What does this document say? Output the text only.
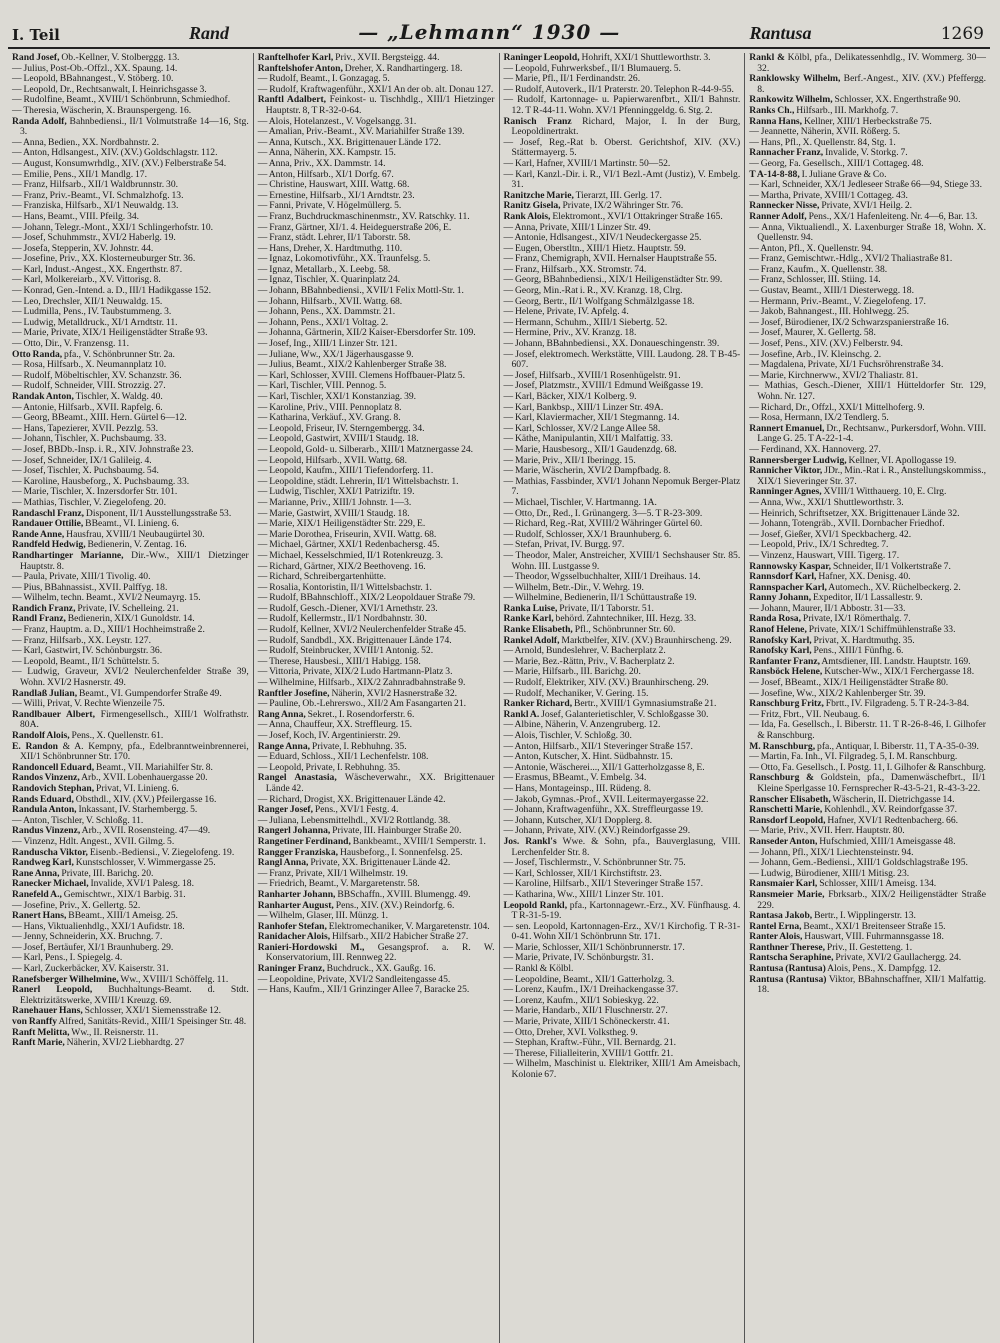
I. Teil	Rand	— „Lehmann“ 1930 —	Rantusa	1269

Rand Josef, Ob.-Kellner, V. Stolberggg. 13.

— Julius, Post-Ob.-Offzl., XX. Spaung. 14.

— Leopold, BBahnangest., V. Stöberg. 10.

— Leopold, Dr., Rechtsanwalt, I. Heinrichsgasse 3.

— Rudolfine, Beamt., XVIII/1 Schönbrunn, Schmiedhof.

— Theresia, Wäscherin, X. Braunspergeng. 16.

Randa Adolf, Bahnbediensi., II/1 Volmutstraße 14—16, Stg. 3.

— Anna, Bedien., XX. Nordbahnstr. 2.

— Anton, Hdlsangest., XIV. (XV.) Goldschlagstr. 112.

— August, Konsumwrhdlg., XIV. (XV.) Felberstraße 54.

— Emilie, Pens., XII/1 Mandlg. 17.

— Franz, Hilfsarb., XII/1 Waldbrunnstr. 30.

— Franz, Priv.-Beamt., VI. Schmalzhofg. 13.

— Franziska, Hilfsarb., XI/1 Neuwaldg. 13.

— Hans, Beamt., VIII. Pfeilg. 34.

— Johann, Telegr.-Mont., XXI/1 Schlingerhofstr. 10.

— Josef, Schuhmmstr., XVI/2 Haberlg. 19.

— Josefa, Stepperin, XV. Johnstr. 44.

— Josefine, Priv., XX. Klosterneuburger Str. 36.

— Karl, Indust.-Angest., XX. Engerthstr. 87.

— Karl, Molkereiarb., XV. Vittorisg. 8.

— Konrad, Gen.-Intend. a. D., III/1 Hadikgasse 152.

— Leo, Drechsler, XII/1 Neuwaldg. 15.

— Ludmilla, Pens., IV. Taubstummeng. 3.

— Ludwig, Metalldruck., XI/1 Arndtstr. 11.

— Marie, Private, XIX/1 Heiligenstädter Straße 93.

— Otto, Dir., V. Franzensg. 11.

Otto Randa, pfa., V. Schönbrunner Str. 2a.

— Rosa, Hilfsarb., X. Neumannplatz 10.

— Rudolf, Möbeltischler, XV. Schanzstr. 36.

— Rudolf, Schneider, VIII. Strozzig. 27.

Randak Anton, Tischler, X. Waldg. 40.

— Antonie, Hilfsarb., XVII. Rapfelg. 6.

— Georg, BBeamt., XIII. Hern. Gürtel 6—12.

— Hans, Tapezierer, XVII. Pezzlg. 53.

— Johann, Tischler, X. Puchsbaumg. 33.

— Josef, BBDb.-Insp. i. R., XIV. Johnstraße 23.

— Josef, Schneider, IX/1 Galileig. 4.

— Josef, Tischler, X. Puchsbaumg. 54.

— Karoline, Hausbeforg., X. Puchsbaumg. 33.

— Marie, Tischler, X. Inzersdorfer Str. 101.

— Mathias, Tischler, V. Ziegelofeng. 20.

Randaschl Franz, Disponent, II/1 Ausstellungsstraße 53.

Randauer Ottilie, BBeamt., VI. Linieng. 6.

Rande Anne, Hausfrau, XVIII/1 Neubaugürtel 30.

Randfeld Hedwig, Bedienerin, V. Zentag. 16.

Randhartinger Marianne, Dir.-Ww., XIII/1 Dietzinger Hauptstr. 8.

— Paula, Private, XIII/1 Tivolig. 40.

— Pius, BBahnassist., XVII. Palffyg. 18.

— Wilhelm, techn. Beamt., XVI/2 Neumayrg. 15.

Randich Franz, Private, IV. Schelleing. 21.

Randl Franz, Bedienerin, XIX/1 Gunoldstr. 14.

— Franz, Hauptm. a. D., XIII/1 Hochheimstraße 2.

— Franz, Hilfsarb., XX. Leystr. 127.

— Karl, Gastwirt, IV. Schönburgstr. 36.

— Leopold, Beamt., II/1 Schüttelstr. 5.

— Ludwig, Graveur, XVI/2 Neulerchenfelder Straße 39, Wohn. XVI/2 Hasnerstr. 49.

Randlaß Julian, Beamt., VI. Gumpendorfer Straße 49.

— Willi, Privat, V. Rechte Wienzeile 75.

Randlbauer Albert, Firmengesellsch., XIII/1 Wolfrathstr. 80A.

Randolf Alois, Pens., X. Quellenstr. 61.

E. Randon & A. Kempny, pfa., Edelbranntweinbrennerei, XII/1 Schönbrunner Str. 170.

Randoncell Eduard, Beamt., VII. Mariahilfer Str. 8.

Randos Vinzenz, Arb., XVII. Lobenhauergasse 20.

Randovich Stephan, Privat, VI. Linieng. 6.

Rands Eduard, Obsthdl., XIV. (XV.) Pfeilergasse 16.

Randula Anton, Inkassant, IV. Starhembergg. 5.

— Anton, Tischler, V. Schloßg. 11.

Randus Vinzenz, Arb., XVII. Rosensteing. 47—49.

— Vinzenz, Hdlt. Angest., XVII. Gilmg. 5.

Randuscha Viktor, Eisenb.-Bediensi., V. Ziegelofeng. 19.

Randweg Karl, Kunstschlosser, V. Wimmergasse 25.

Rane Anna, Private, III. Barichg. 20.

Ranecker Michael, Invalide, XVI/1 Palesg. 18.

Ranefeld A., Gemischtwr., XIX/1 Barbig. 31.

— Josefine, Priv., X. Gellertg. 52.

Ranert Hans, BBeamt., XIII/1 Ameisg. 25.

— Hans, Viktualienhdlg., XXI/1 Aufidstr. 18.

— Jenny, Schneiderin, XX. Bruchng. 7.

— Josef, Bertäufer, XI/1 Braunhuberg. 29.

— Karl, Pens., I. Spiegelg. 4.

— Karl, Zuckerbäcker, XV. Kaiserstr. 31.

Ranefsberger Wilhelmine, Ww., XVIII/1 Schöffelg. 11.

Ranerl Leopold, Buchhaltungs-Beamt. d. Stdt. Elektrizitätswerke, XVIII/1 Kreuzg. 69.

Ranehauer Hans, Schlosser, XXI/1 Siemensstraße 12.

von Ranffy Alfred, Sanitäts-Revid., XIII/1 Speisinger Str. 48.

Ranft Melitta, Ww., II. Reisnerstr. 11.

Ranft Marie, Näherin, XVI/2 Liebhardtg. 27

Ranftelhofer Karl, Priv., XVII. Bergsteigg. 44.

Ranftelshofer Anton, Dreher, X. Randhartingerg. 18.

— Rudolf, Beamt., I. Gonzagag. 5.

— Rudolf, Kraftwagenführ., XXI/1 An der ob. alt. Donau 127.

Ranftl Adalbert, Feinkost- u. Tischhdlg., XIII/1 Hietzinger Hauptstr. 8, T R-32-0-64.

— Alois, Hotelanzest., V. Vogelsangg. 31.

— Amalian, Priv.-Beamt., XV. Mariahilfer Straße 139.

— Anna, Kutsch., XX. Brigittenauer Lände 172.

— Anna, Näherin, XX. Kampstr. 15.

— Anna, Priv., XX. Dammstr. 14.

— Anton, Hilfsarb., XI/1 Dorfg. 67.

— Christine, Hauswart, XIII. Wattg. 68.

— Ernestine, Hilfsarb., XI/1 Arndtstr. 23.

— Fanni, Private, V. Högelmüllerg. 5.

— Franz, Buchdruckmaschinenmstr., XV. Ratschky. 11.

— Franz, Gärtner, XI/1. 4. Heideguerstraße 206, E.

— Franz, städt. Lehrer, II/1 Taborstr. 58.

— Hans, Dreher, X. Hardtmuthg. 110.

— Ignaz, Lokomotivführ., XX. Traunfelsg. 5.

— Ignaz, Metallarb., X. Leebg. 58.

— Ignaz, Tischler, X. Quarinplatz 24.

— Johann, BBahnbediensi., XVII/1 Felix Mottl-Str. 1.

— Johann, Hilfsarb., XVII. Wattg. 68.

— Johann, Pens., XX. Dammstr. 21.

— Johann, Pens., XXI/1 Voltag. 2.

— Johanna, Gärtnerin, XII/2 Kaiser-Ebersdorfer Str. 109.

— Josef, Ing., XIII/1 Linzer Str. 121.

— Juliane, Ww., XX/1 Jägerhausgasse 9.

— Julius, Beamt., XIX/2 Kahlenberger Straße 38.

— Karl, Schlosser, XVIII. Clemens Hoffbauer-Platz 5.

— Karl, Tischler, VIII. Pennog. 5.

— Karl, Tischler, XXI/1 Konstanziag. 39.

— Karoline, Priv., VIII. Pennoplatz 8.

— Katharina, Verkäuf., XV. Grang. 8.

— Leopold, Friseur, IV. Sterngembergg. 34.

— Leopold, Gastwirt, XVIII/1 Staudg. 18.

— Leopold, Gold- u. Silberarb., XIII/1 Matznergasse 24.

— Leopold, Hilfsarb., XVII. Wattg. 68.

— Leopold, Kaufm., XIII/1 Tiefendorferg. 11.

— Leopoldine, städt. Lehrerin, II/1 Wittelsbachstr. 1.

— Ludwig, Tischler, XXI/1 Patriziftr. 19.

— Marianne, Priv., XIII/1 Johnstr. 1—3.

— Marie, Gastwirt, XVIII/1 Staudg. 18.

— Marie, XIX/1 Heiligenstädter Str. 229, E.

— Marie Dorothea, Friseurin, XVII. Wattg. 68.

— Michael, Gärtner, XXI/1 Redenbachersg. 45.

— Michael, Kesselschmied, II/1 Rotenkreuzg. 3.

— Richard, Gärtner, XIX/2 Beethoveng. 16.

— Richard, Schreibergartenhütte.

— Rosalia, Kontoristin, II/1 Wittelsbachstr. 1.

— Rudolf, BBahnschloff., XIX/2 Leopoldauer Straße 79.

— Rudolf, Gesch.-Diener, XVI/1 Arnethstr. 23.

— Rudolf, Kellermstr., II/1 Nordbahnstr. 30.

— Rudolf, Kellner, XVI/2 Neulerchenfelder Straße 45.

— Rudolf, Sandbdl., XX. Brigittenauer Lände 174.

— Rudolf, Steinbrucker, XVIII/1 Antonig. 52.

— Therese, Hausbesi., XIII/1 Habigg. 158.

— Vittoria, Private, XIX/2 Ludo Hartmann-Platz 3.

— Wilhelmine, Hilfsarb., XIX/2 Zahnradbahnstraße 9.

Ranftler Josefine, Näherin, XVI/2 Hasnerstraße 32.

— Pauline, Ob.-Lehrerswo., XII/2 Am Fasangarten 21.

Rang Anna, Sekret., I. Rosendorferstr. 6.

— Anna, Chauffeur, XX. Streffleurg. 15.

— Josef, Koch, IV. Argentinierstr. 29.

Range Anna, Private, I. Rebhuhng. 35.

— Eduard, Schloss., XII/1 Lechenfelstr. 108.

— Leopold, Private, I. Rebhuhng. 35.

Rangel Anastasia, Wäscheverwahr., XX. Brigittenauer Lände 42.

— Richard, Drogist, XX. Brigittenauer Lände 42.

Ranger Josef, Pens., XVI/1 Festg. 4.

— Juliana, Lebensmittelhdl., XVI/2 Rottlandg. 38.

Rangerl Johanna, Private, III. Hainburger Straße 20.

Rangetiner Ferdinand, Bankbeamt., XVIII/1 Semperstr. 1.

Rangger Franziska, Hausbeforg., I. Sonnenfelsg. 25.

Rangl Anna, Private, XX. Brigittenauer Lände 42.

— Franz, Private, XII/1 Wilhelmstr. 19.

— Friedrich, Beamt., V. Margaretenstr. 58.

Ranharter Johann, BBSchaffn., XVIII. Blumengg. 49.

Ranharter August, Pens., XIV. (XV.) Reindorfg. 6.

— Wilhelm, Glaser, III. Münzg. 1.

Ranhofer Stefan, Elektromechaniker, V. Margaretenstr. 104.

Ranidacher Alois, Hilfsarb., XII/2 Habicher Straße 27.

Ranieri-Hordowski M., Gesangsprof. a. R. W. Konservatorium, III. Rennweg 22.

Raninger Franz, Buchdruck., XX. Gaußg. 16.

— Leopoldine, Private, XVI/2 Sandleitengasse 45.

— Hans, Kaufm., XII/1 Grinzinger Allee 7, Baracke 25.

Raninger Leopold, Hohrift, XXI/1 Shuttleworthstr. 3.

— Leopold, Fuhrwerksbef., II/1 Blumauerg. 5.

— Marie, Pfl., II/1 Ferdinandstr. 26.

— Rudolf, Autoverk., II/1 Praterstr. 20. Telephon R-44-9-55.

— Rudolf, Kartonnage- u. Papierwarenfbrt., XII/1 Bahnstr. 12. T R-44-11. Wohn. XV/1 Pfenninggeldg. 6. Stg. 2.

Ranisch Franz Richard, Major, I. In der Burg, Leopoldinertrakt.

— Josef, Reg.-Rat b. Oberst. Gerichtshof, XIV. (XV.) Stättermayerg. 5.

— Karl, Hafner, XVIII/1 Martinstr. 50—52.

— Karl, Kanzl.-Dir. i. R., VI/1 Bezl.-Amt (Justiz), V. Embelg. 31.

Ranitzche Marie, Tierarzt, III. Gerlg. 17.

Ranitz Gisela, Private, IX/2 Währinger Str. 76.

Rank Alois, Elektromont., XVI/1 Ottakringer Straße 165.

— Anna, Private, XIII/1 Linzer Str. 49.

— Antonie, Hdlsangest., XIV/1 Neudeckergasse 25.

— Eugen, Oberstltn., XIII/1 Hietz. Hauptstr. 59.

— Franz, Chemigraph, XVII. Hernalser Hauptstraße 55.

— Franz, Hilfsarb., XX. Stromstr. 74.

— Georg, BBahnbediensi., XIX/1 Heiligenstädter Str. 99.

— Georg, Min.-Rat i. R., XV. Kranzg. 18, Clrg.

— Georg, Bertr., II/1 Wolfgang Schmälzlgasse 18.

— Helene, Private, IV. Apfelg. 4.

— Hermann, Schuhm., XIII/1 Siebertg. 52.

— Hermine, Priv., XV. Kranzg. 18.

— Johann, BBahnbediensi., XX. Donaueschingenstr. 39.

— Josef, elektromech. Werkstätte, VIII. Laudong. 28. T B-45-607.

— Josef, Hilfsarb., XVIII/1 Rosenhügelstr. 91.

— Josef, Platzmstr., XVIII/1 Edmund Weißgasse 19.

— Karl, Bäcker, XIX/1 Kolberg. 9.

— Karl, Bankbsp., XIII/1 Linzer Str. 49A.

— Karl, Klaviermacher, XII/1 Stegmanng. 14.

— Karl, Schlosser, XV/2 Lange Allee 58.

— Käthe, Manipulantin, XII/1 Malfattig. 33.

— Marie, Hausbesorg., XII/1 Gaudenzdg. 68.

— Marie, Priv., XII/1 Iberingg. 15.

— Marie, Wäscherin, XVI/2 Dampfbadg. 8.

— Mathias, Fassbinder, XVI/1 Johann Nepomuk Berger-Platz 7.

— Michael, Tischler, V. Hartmanng. 1A.

— Otto, Dr., Red., I. Grünangerg. 3—5. T R-23-309.

— Richard, Reg.-Rat, XVIII/2 Währinger Gürtel 60.

— Rudolf, Schlosser, XX/1 Braunhuberg. 6.

— Stefan, Privat, IV. Burgg. 97.

— Theodor, Maler, Anstreicher, XVIII/1 Sechshauser Str. 85. Wohn. III. Lustgasse 9.

— Theodor, Wgsselbuchhalter, XIII/1 Dreihaus. 14.

— Wilhelm, Betr.-Dir., V. Wehrg. 19.

— Wilhelmine, Bedienerin, II/1 Schüttaustraße 19.

Ranka Luise, Private, II/1 Taborstr. 51.

Ranke Karl, behörd. Zahntechniker, III. Hezg. 33.

Ranke Elisabeth, Pfl., Schönbrunner Str. 60.

Rankel Adolf, Marktbelfer, XIV. (XV.) Braunhirscheng. 29.

— Arnold, Bundeslehrer, V. Bacherplatz 2.

— Marie, Bez.-Rättn, Priv., V. Bacherplatz 2.

— Marie, Hilfsarb., III. Barichg. 20.

— Rudolf, Elektriker, XIV. (XV.) Braunhirscheng. 29.

— Rudolf, Mechaniker, V. Gering. 15.

Ranker Richard, Bertr., XVIII/1 Gymnasiumstraße 21.

Rankl A. Josef, Galanterietischler, V. Schloßgasse 30.

— Albine, Näherin, V. Anzengruberg. 12.

— Alois, Tischler, V. Schloßg. 30.

— Anton, Hilfsarb., XII/1 Steveringer Straße 157.

— Anton, Kutscher, X. Hint. Südbahnstr. 15.

— Antonie, Wäscherei..., XII/1 Gatterholzgasse 8, E.

— Erasmus, BBeamt., V. Embelg. 34.

— Hans, Montageinsp., III. Rüdeng. 8.

— Jakob, Gymnas.-Prof., XVII. Leitermayergasse 22.

— Johann, Kraftwagenführ., XX. Streffleurgasse 19.

— Johann, Kutscher, XI/1 Dopplerg. 8.

— Johann, Private, XIV. (XV.) Reindorfgasse 29.

Jos. Rankl's Wwe. & Sohn, pfa., Bauverglasung, VIII. Lerchenfelder Str. 8.

— Josef, Tischlermstr., V. Schönbrunner Str. 75.

— Karl, Schlosser, XII/1 Kirchstiftstr. 23.

— Karoline, Hilfsarb., XII/1 Steveringer Straße 157.

— Katharina, Ww., XIII/1 Linzer Str. 101.

Leopold Rankl, pfa., Kartonnagewr.-Erz., XV. Fünfhausg. 4. T R-31-5-19.

— sen. Leopold, Kartonnagen-Erz., XV/1 Kirchofig. T R-31-0-41. Wohn XII/1 Schönbrunn Str. 171.

— Marie, Schlosser, XII/1 Schönbrunnerstr. 17.

— Marie, Private, IV. Schönburgstr. 31.

— Rankl & Kölbl.

— Leopoldine, Beamt., XII/1 Gatterholzg. 3.

— Lorenz, Kaufm., IX/1 Dreihackengasse 37.

— Lorenz, Kaufm., XII/1 Sobieskyg. 22.

— Marie, Handarb., XII/1 Fluschnerstr. 27.

— Marie, Private, XIII/1 Schöneckerstr. 41.

— Otto, Dreher, XVI. Volkstheg. 9.

— Stephan, Kraftw.-Führ., VII. Bernardg. 21.

— Therese, Filialleiterin, XVIII/1 Gottfr. 21.

— Wilhelm, Maschinist u. Elektriker, XIII/1 Am Ameisbach, Kolonie 67.

Rankl & Kölbl, pfa., Delikatessenhdlg., IV. Wommerg. 30—32.

Ranklowsky Wilhelm, Berf.-Angest., XIV. (XV.) Pfeffergg. 8.

Rankowitz Wilhelm, Schlosser, XX. Engerthstraße 90.

Ranks Ch., Hilfsarb., III. Markhofg. 7.

Ranna Hans, Kellner, XIII/1 Herbeckstraße 75.

— Jeannette, Näherin, XVII. Rößerg. 5.

— Hans, Pfl., X. Quellenstr. 84, Stg. 1.

Rannacher Franz, Invalide, V. Storkg. 7.

— Georg, Fa. Gesellsch., XIII/1 Cottageg. 48.

T A-14-8-88, I. Juliane Grave & Co.

— Karl, Schneider, XX/1 Jedleseer Straße 66—94, Stiege 33.

— Martha, Private, XVIII/1 Cottageg. 43.

Rannecker Nisse, Private, XVI/1 Heilg. 2.

Ranner Adolf, Pens., XX/1 Hafenleiteng. Nr. 4—6, Bar. 13.

— Anna, Viktualiendl., X. Laxenburger Straße 18, Wohn. X. Quellenstr. 94.

— Anton, Pfl., X. Quellenstr. 94.

— Franz, Gemischtwr.-Hdlg., XVI/2 Thaliastraße 81.

— Franz, Kaufm., X. Quellenstr. 38.

— Franz, Schlosser, III. Stiing. 14.

— Gustav, Beamt., XIII/1 Diesterwegg. 18.

— Hermann, Priv.-Beamt., V. Ziegelofeng. 17.

— Jakob, Bahnangest., III. Hohlwegg. 25.

— Josef, Bürodiener, IX/2 Schwarzspanierstraße 16.

— Josef, Maurer, X. Gellertg. 58.

— Josef, Pens., XIV. (XV.) Felberstr. 94.

— Josefine, Arb., IV. Kleinschg. 2.

— Magdalena, Private, XI/1 Fuchsröhrenstraße 34.

— Marie, Kirchnerww., XVI/2 Thaliastr. 81.

— Mathias, Gesch.-Diener, XIII/1 Hütteldorfer Str. 129, Wohn. Nr. 127.

— Richard, Dr., Offzl., XXI/1 Mittelhoferg. 9.

— Rosa, Hermann, IX/2 Tendlerg. 5.

Rannert Emanuel, Dr., Rechtsanw., Purkersdorf, Wohn. VIII. Lange G. 25. T A-22-1-4.

— Ferdinand, XX. Hannoverg. 27.

Rannersberger Ludwig, Kellner, VI. Apollogasse 19.

Rannicher Viktor, JDr., Min.-Rat i. R., Anstellungskommiss., XIX/1 Sieveringer Str. 37.

Ranninger Agnes, XVIII/1 Witthauerg. 10, E. Clrg.

— Anna, Ww., XXI/1 Shuttleworthstr. 3.

— Heinrich, Schriftsetzer, XX. Brigittenauer Lände 32.

— Johann, Totengräb., XVII. Dornbacher Friedhof.

— Josef, Gießer, XVI/1 Speckbacherg. 42.

— Leopold, Priv., IX/1 Schredteg. 7.

— Vinzenz, Hauswart, VIII. Tigerg. 17.

Rannowsky Kaspar, Schneider, II/1 Volkertstraße 7.

Rannsdorf Karl, Hafner, XX. Denisg. 40.

Rannspacher Karl, Automech., XV. Rüchelbeckerg. 2.

Ranny Johann, Expeditor, II/1 Lassallestr. 9.

— Johann, Maurer, II/1 Abbostr. 31—33.

Randa Rosa, Private, IX/1 Römerthalg. 7.

Ranof Helene, Private, XIX/1 Schiffmühlenstraße 33.

Ranofsky Karl, Privat, X. Hardtmuthg. 35.

Ranofsky Karl, Pens., XIII/1 Fünfhg. 6.

Ranfanter Franz, Amtsdiener, III. Landstr. Hauptstr. 169.

Ransböck Helene, Kutscher-Ww., XIX/1 Ferchergasse 18.

— Josef, BBeamt., XIX/1 Heiligenstädter Straße 80.

— Josefine, Ww., XIX/2 Kahlenberger Str. 39.

Ranschburg Fritz, Fbrtt., IV. Filgradeng. 5. T R-24-3-84.

— Fritz, Fbrt., VII. Neubaug. 6.

— Ida, Fa. Gesellsch., I. Biberstr. 11. T R-26-8-46, I. Gilhofer & Ranschburg.

M. Ranschburg, pfa., Antiquar, I. Biberstr. 11, T A-35-0-39.

— Martin, Fa. Inh., VI. Filgradeg. 5, I. M. Ranschburg.

— Otto, Fa. Gesellsch., I. Postg. 11, I. Gilhofer & Ranschburg.

Ranschburg & Goldstein, pfa., Damenwäschefbrt., II/1 Kleine Sperlgasse 10. Fernsprecher R-43-5-21, R-43-3-22.

Ranscher Elisabeth, Wäscherin, II. Dietrichgasse 14.

Ranschetti Marie, Kohlenhdl., XV. Reindorfgasse 37.

Ransdorf Leopold, Hafner, XVI/1 Redtenbacherg. 66.

— Marie, Priv., XVII. Herr. Hauptstr. 80.

Ranseder Anton, Hufschmied, XIII/1 Ameisgasse 48.

— Johann, Pfl., XIX/1 Liechtensteinstr. 94.

— Johann, Gem.-Bediensi., XIII/1 Goldschlagstraße 195.

— Ludwig, Bürodiener, XIII/1 Mitisg. 23.

Ransmaier Karl, Schlosser, XIII/1 Ameisg. 134.

Ransmeier Marie, Fbrksarb., XIX/2 Heiligenstädter Straße 229.

Rantasa Jakob, Bertr., I. Wipplingerstr. 13.

Rantel Erna, Beamt., XXI/1 Breitenseer Straße 15.

Ranter Alois, Hauswart, VIII. Fuhrmannsgasse 18.

Ranthner Therese, Priv., II. Gestetteng. 1.

Rantscha Seraphine, Private, XVI/2 Gaullachergg. 24.

Rantusa (Rantusa) Alois, Pens., X. Dampfgg. 12.

Rantusa (Rantusa) Viktor, BBahnschaffner, XII/1 Malfattig. 18.
